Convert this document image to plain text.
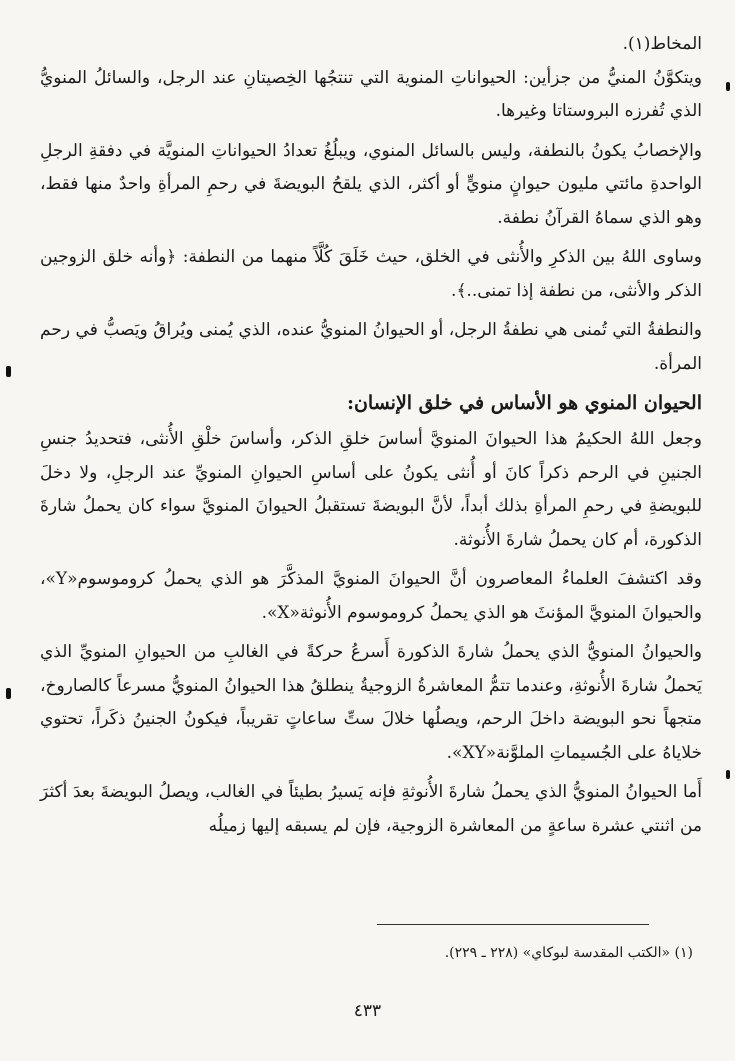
المخاط(١).

ويتكوَّنُ المنيُّ من جزأين: الحيواناتِ المنوية التي تنتجُها الخِصيتانِ عند الرجل، والسائلُ المنويُّ الذي تُفرزه البروستاتا وغيرها.

والإخصابُ يكونُ بالنطفة، وليس بالسائل المنوي، ويبلُغُ تعدادُ الحيواناتِ المنويَّة في دفقةِ الرجلِ الواحدةِ مائتي مليون حيوانٍ منويٍّ أو أكثر، الذي يلقحُ البويضةَ في رحمِ المرأةِ واحدٌ منها فقط، وهو الذي سماهُ القرآنُ نطفة.

وساوى اللهُ بين الذكرِ والأُنثى في الخلق، حيث خَلَقَ كُلَّاً منهما من النطفة: ﴿وأنه خلق الزوجين الذكر والأنثى، من نطفة إذا تمنى..﴾.

والنطفةُ التي تُمنى هي نطفةُ الرجل، أو الحيوانُ المنويُّ عنده، الذي يُمنى ويُراقُ ويَصبُّ في رحم المرأة.

الحيوان المنوي هو الأساس في خلق الإنسان:

وجعل اللهُ الحكيمُ هذا الحيوانَ المنويَّ أساسَ خلقِ الذكر، وأساسَ خلْقِ الأُنثى، فتحديدُ جنسِ الجنينِ في الرحم ذكراً كانَ أو أُنثى يكونُ على أساسِ الحيوانِ المنويِّ عند الرجلِ، ولا دخلَ للبويضةِ في رحمِ المرأةِ بذلك أبداً، لأنَّ البويضةَ تستقبلُ الحيوانَ المنويَّ سواء كان يحملُ شارةَ الذكورة، أم كان يحملُ شارةَ الأُنوثة.

وقد اكتشفَ العلماءُ المعاصرون أنَّ الحيوانَ المنويَّ المذكَّرَ هو الذي يحملُ كروموسوم«Y»، والحيوانَ المنويَّ المؤنثَ هو الذي يحملُ كروموسوم الأُنوثة«X».

والحيوانُ المنويُّ الذي يحملُ شارةَ الذكورة أَسرعُ حركةً في الغالبِ من الحيوانِ المنويِّ الذي يَحملُ شارةَ الأُنوثةِ، وعندما تتمُّ المعاشرةُ الزوجيةُ ينطلقُ هذا الحيوانُ المنويُّ مسرعاً كالصاروخ، متجهاً نحو البويضة داخلَ الرحم، ويصلُها خلالَ ستِّ ساعاتٍ تقريباً، فيكونُ الجنينُ ذكَراً، تحتوي خلاياهُ على الجُسيماتِ الملوَّنة«XY».

أَما الحيوانُ المنويُّ الذي يحملُ شارةَ الأُنوثةِ فإنه يَسيرُ بطيئاً في الغالب، ويصلُ البويضةَ بعدَ أكثرَ من اثنتي عشرة ساعةٍ من المعاشرة الزوجية، فإن لم يسبقه إليها زميلُه

(١) «الكتب المقدسة لبوكاي» (٢٢٨ ـ ٢٢٩).
٤٣٣
